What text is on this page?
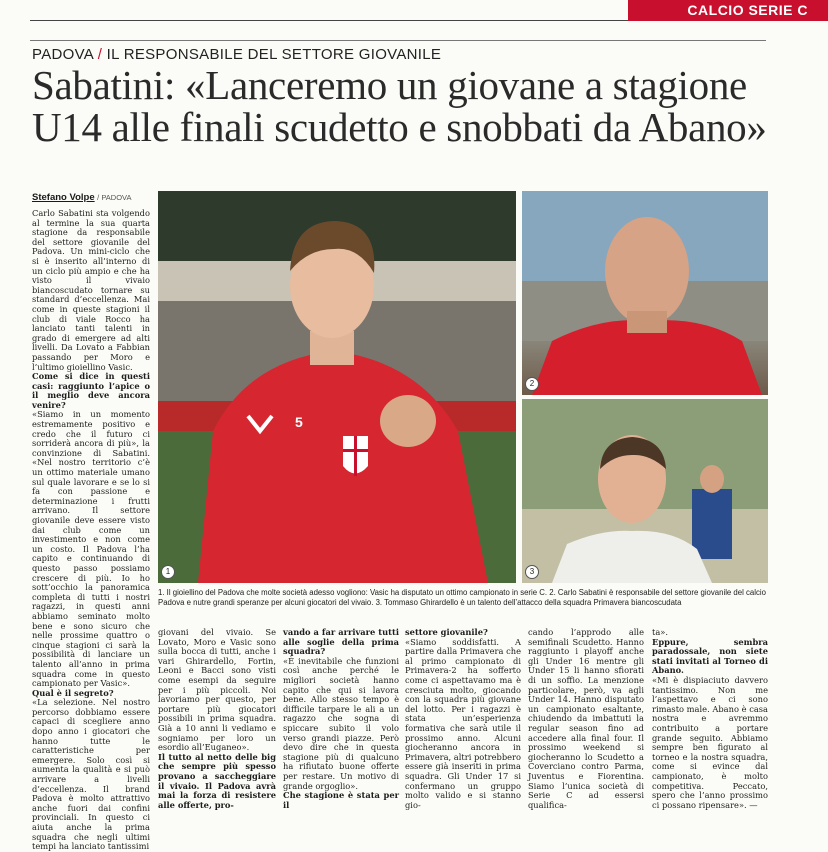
CALCIO SERIE C
PADOVA / IL RESPONSABILE DEL SETTORE GIOVANILE
Sabatini: «Lanceremo un giovane a stagione
U14 alle finali scudetto e snobbati da Abano»
Stefano Volpe / PADOVA

Carlo Sabatini sta volgendo al termine la sua quarta stagione da responsabile del settore giovanile del Padova. Un mini-ciclo che si è inserito all’interno di un ciclo più ampio e che ha visto il vivaio biancoscudato tornare su standard d’eccellenza. Mai come in queste stagioni il club di viale Rocco ha lanciato tanti talenti in grado di emergere ad alti livelli. Da Lovato a Fabbian passando per Moro e l’ultimo gioiellino Vasic.

Come si dice in questi casi: raggiunto l’apice o il meglio deve ancora venire?

«Siamo in un momento estremamente positivo e credo che il futuro ci sorriderà ancora di più», la convinzione di Sabatini. «Nel nostro territorio c’è un ottimo materiale umano sul quale lavorare e se lo si fa con passione e determinazione i frutti arrivano. Il settore giovanile deve essere visto dai club come un investimento e non come un costo. Il Padova l’ha capito e continuando di questo passo possiamo crescere di più. Io ho sott’occhio la panoramica completa di tutti i nostri ragazzi, in questi anni abbiamo seminato molto bene e sono sicuro che nelle prossime quattro o cinque stagioni ci sarà la possibilità di lanciare un talento all’anno in prima squadra come in questo campionato per Vasic».

Qual è il segreto?

«La selezione. Nel nostro percorso dobbiamo essere capaci di scegliere anno dopo anno i giocatori che hanno tutte le caratteristiche per emergere. Solo così si aumenta la qualità e si può arrivare a livelli d’eccellenza. Il brand Padova è molto attrattivo anche fuori dai confini provinciali. In questo ci aiuta anche la prima squadra che negli ultimi tempi ha lanciato tantissimi

5
1
2
3
1. Il gioiellino del Padova che molte società adesso vogliono: Vasic ha disputato un ottimo campionato in serie C. 2. Carlo Sabatini è responsabile del settore giovanile del calcio Padova e nutre grandi speranze per alcuni giocatori del vivaio. 3. Tommaso Ghirardello è un talento dell’attacco della squadra Primavera biancoscudata

giovani del vivaio. Se Lovato, Moro e Vasic sono sulla bocca di tutti, anche i vari Ghirardello, Fortin, Leoni e Bacci sono visti come esempi da seguire per i più piccoli. Noi lavoriamo per questo, per portare più giocatori possibili in prima squadra. Già a 10 anni li vediamo e sogniamo per loro un esordio all’Euganeo».

Il tutto al netto delle big che sempre più spesso provano a saccheggiare il vivaio. Il Padova avrà mai la forza di resistere alle offerte, pro-

vando a far arrivare tutti alle soglie della prima squadra?

«È inevitabile che funzioni così anche perché le migliori società hanno capito che qui si lavora bene. Allo stesso tempo è difficile tarpare le ali a un ragazzo che sogna di spiccare subito il volo verso grandi piazze. Però devo dire che in questa stagione più di qualcuno ha rifiutato buone offerte per restare. Un motivo di grande orgoglio».

Che stagione è stata per il

settore giovanile?

«Siamo soddisfatti. A partire dalla Primavera che al primo campionato di Primavera-2 ha sofferto come ci aspettavamo ma è cresciuta molto, giocando con la squadra più giovane del lotto. Per i ragazzi è stata un’esperienza formativa che sarà utile il prossimo anno. Alcuni giocheranno ancora in Primavera, altri potrebbero essere già inseriti in prima squadra. Gli Under 17 si confermano un gruppo molto valido e si stanno gio-

cando l’approdo alle semifinali Scudetto. Hanno raggiunto i playoff anche gli Under 16 mentre gli Under 15 li hanno sfiorati di un soffio. La menzione particolare, però, va agli Under 14. Hanno disputato un campionato esaltante, chiudendo da imbattuti la regular season fino ad accedere alla final four. Il prossimo weekend si giocheranno lo Scudetto a Coverciano contro Parma, Juventus e Fiorentina. Siamo l’unica società di Serie C ad essersi qualifica-

ta».

Eppure, sembra paradossale, non siete stati invitati al Torneo di Abano.

«Mi è dispiaciuto davvero tantissimo. Non me l’aspettavo e ci sono rimasto male. Abano è casa nostra e avremmo contribuito a portare grande seguito. Abbiamo sempre ben figurato al torneo e la nostra squadra, come si evince dal campionato, è molto competitiva. Peccato, spero che l’anno prossimo ci possano ripensare». —
